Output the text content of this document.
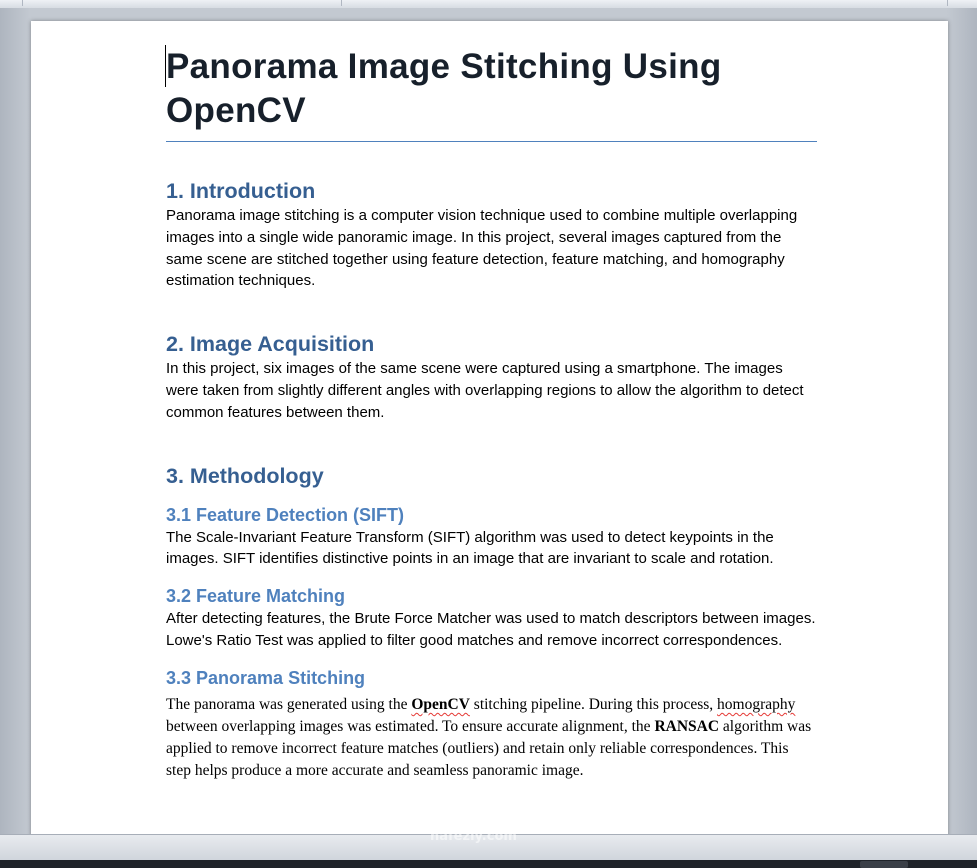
Panorama Image Stitching Using OpenCV
1. Introduction

Panorama image stitching is a computer vision technique used to combine multiple overlapping images into a single wide panoramic image. In this project, several images captured from the same scene are stitched together using feature detection, feature matching, and homography estimation techniques.

2. Image Acquisition

In this project, six images of the same scene were captured using a smartphone. The images were taken from slightly different angles with overlapping regions to allow the algorithm to detect common features between them.

3. Methodology
3.1 Feature Detection (SIFT)

The Scale-Invariant Feature Transform (SIFT) algorithm was used to detect keypoints in the images. SIFT identifies distinctive points in an image that are invariant to scale and rotation.

3.2 Feature Matching

After detecting features, the Brute Force Matcher was used to match descriptors between images. Lowe's Ratio Test was applied to filter good matches and remove incorrect correspondences.

3.3 Panorama Stitching

The panorama was generated using the OpenCV stitching pipeline. During this process, homography between overlapping images was estimated. To ensure accurate alignment, the RANSAC algorithm was applied to remove incorrect feature matches (outliers) and retain only reliable correspondences. This step helps produce a more accurate and seamless panoramic image.

نفحات
nafezly.com
